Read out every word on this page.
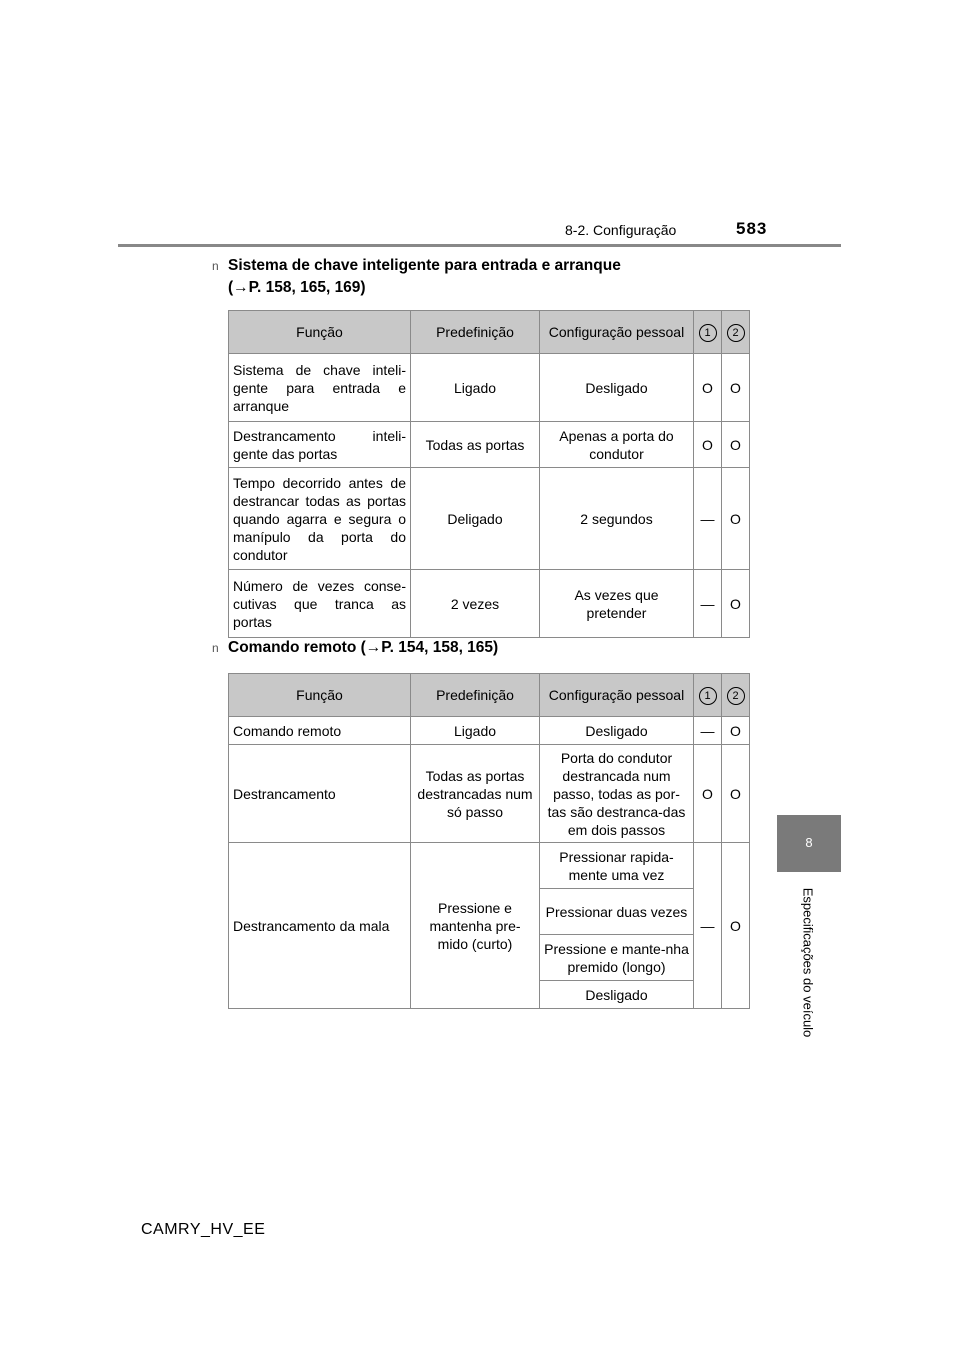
8-2. Configuração	583
8
Especificações do veículo
n Sistema de chave inteligente para entrada e arranque
(→P. 158, 165, 169)
Função	Predefinição	Configuração pessoal	1	2
Sistema de chave inteli-gente para entrada e arranque	Ligado	Desligado	O	O
Destrancamento inteli-gente das portas	Todas as portas	Apenas a porta do condutor	O	O
Tempo decorrido antes de destrancar todas as portas quando agarra e segura o manípulo da porta do condutor	Deligado	2 segundos	—	O
Número de vezes conse-cutivas que tranca as portas	2 vezes	As vezes que pretender	—	O
n Comando remoto (→P. 154, 158, 165)
Função	Predefinição	Configuração pessoal	1	2
Comando remoto	Ligado	Desligado	—	O
Destrancamento	Todas as portas destrancadas num só passo	Porta do condutor destrancada num passo, todas as por-tas são destranca-das em dois passos	O	O
Destrancamento da mala	Pressione e mantenha pre-mido (curto)	Pressionar rapida-mente uma vez	—	O
		Pressionar duas vezes		
		Pressione e mante-nha premido (longo)		
		Desligado		
CAMRY_HV_EE
